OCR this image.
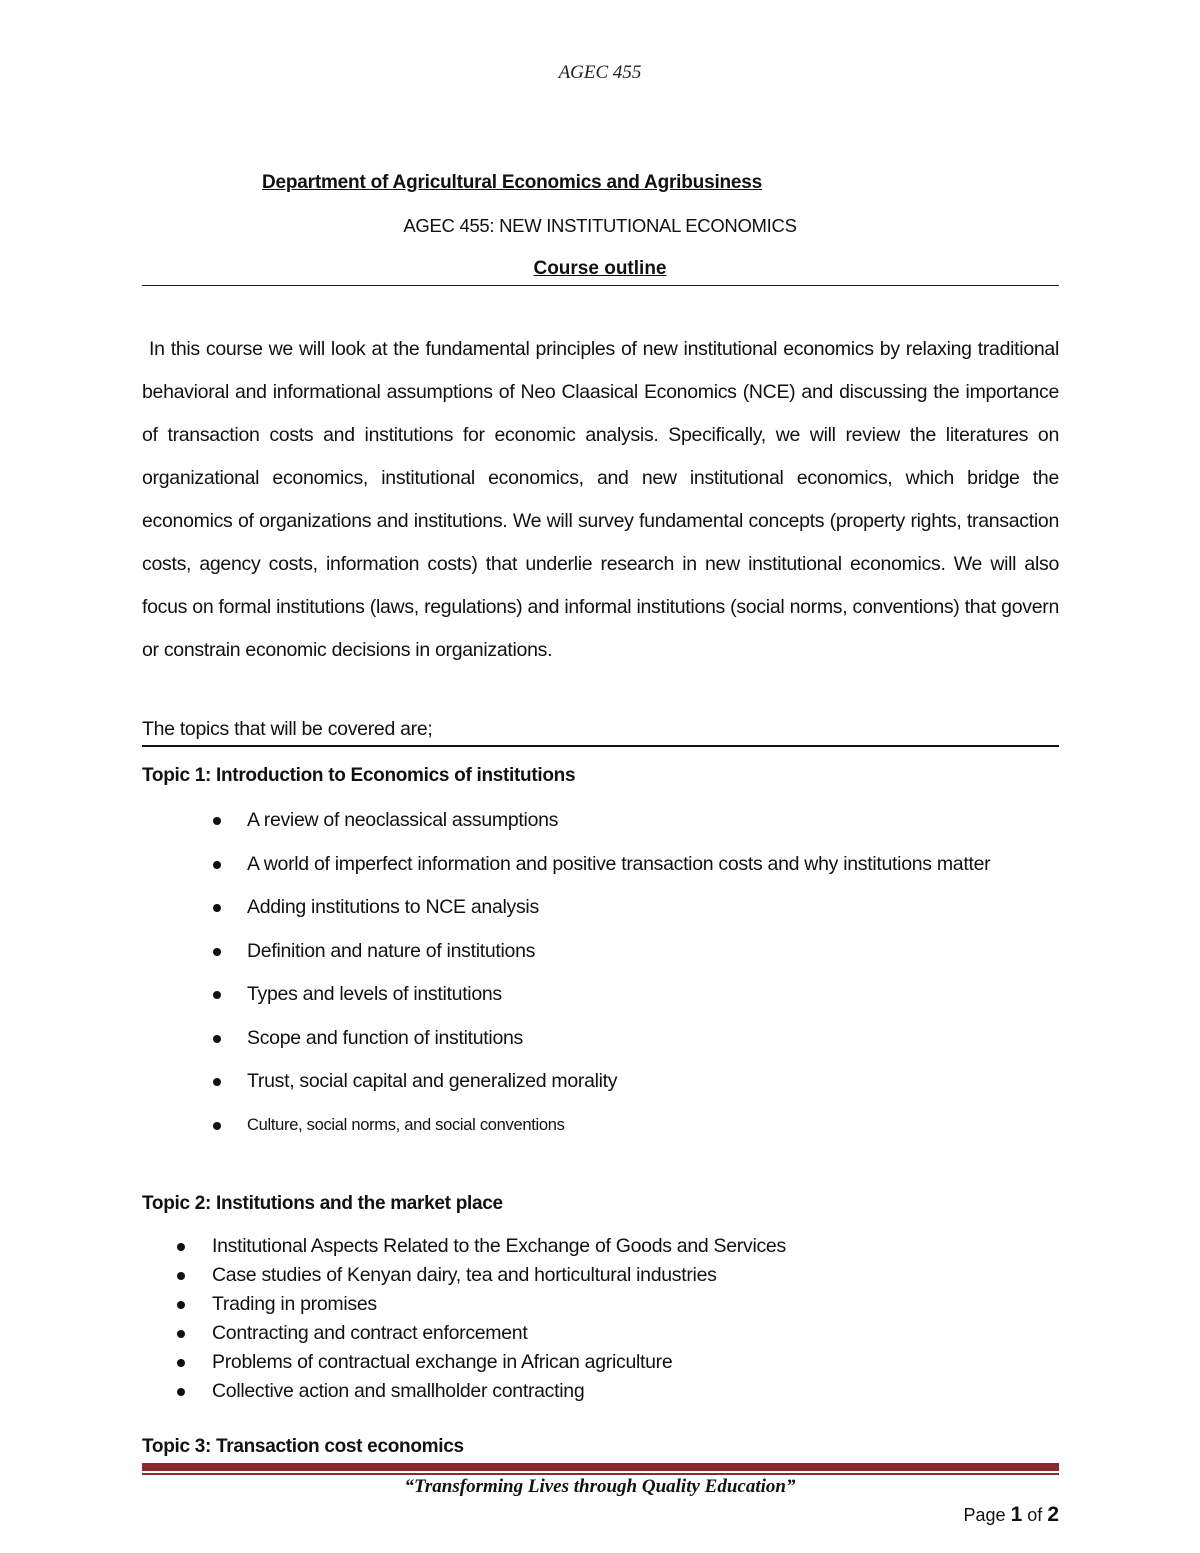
AGEC 455
Department of Agricultural Economics and Agribusiness
AGEC 455: NEW INSTITUTIONAL ECONOMICS
Course outline
In this course we will look at the fundamental principles of new institutional economics by relaxing traditional behavioral and informational assumptions of Neo Claasical Economics (NCE) and discussing the importance of transaction costs and institutions for economic analysis. Specifically, we will review the literatures on organizational economics, institutional economics, and new institutional economics, which bridge the economics of organizations and institutions. We will survey fundamental concepts (property rights, transaction costs, agency costs, information costs) that underlie research in new institutional economics. We will also focus on formal institutions (laws, regulations) and informal institutions (social norms, conventions) that govern or constrain economic decisions in organizations.
The topics that will be covered are;
Topic 1: Introduction to Economics of institutions
A review of neoclassical assumptions
A world of imperfect information and positive transaction costs and why institutions matter
Adding institutions to NCE analysis
Definition and nature of institutions
Types and levels of institutions
Scope and function of institutions
Trust, social capital and generalized morality
Culture, social norms, and social conventions
Topic 2: Institutions and the market place
Institutional Aspects Related to the Exchange of Goods and Services
Case studies of Kenyan dairy, tea and horticultural industries
Trading in promises
Contracting and contract enforcement
Problems of contractual exchange in African agriculture
Collective action and smallholder contracting
Topic 3: Transaction cost economics
“Transforming Lives through Quality Education”
Page 1 of 2
